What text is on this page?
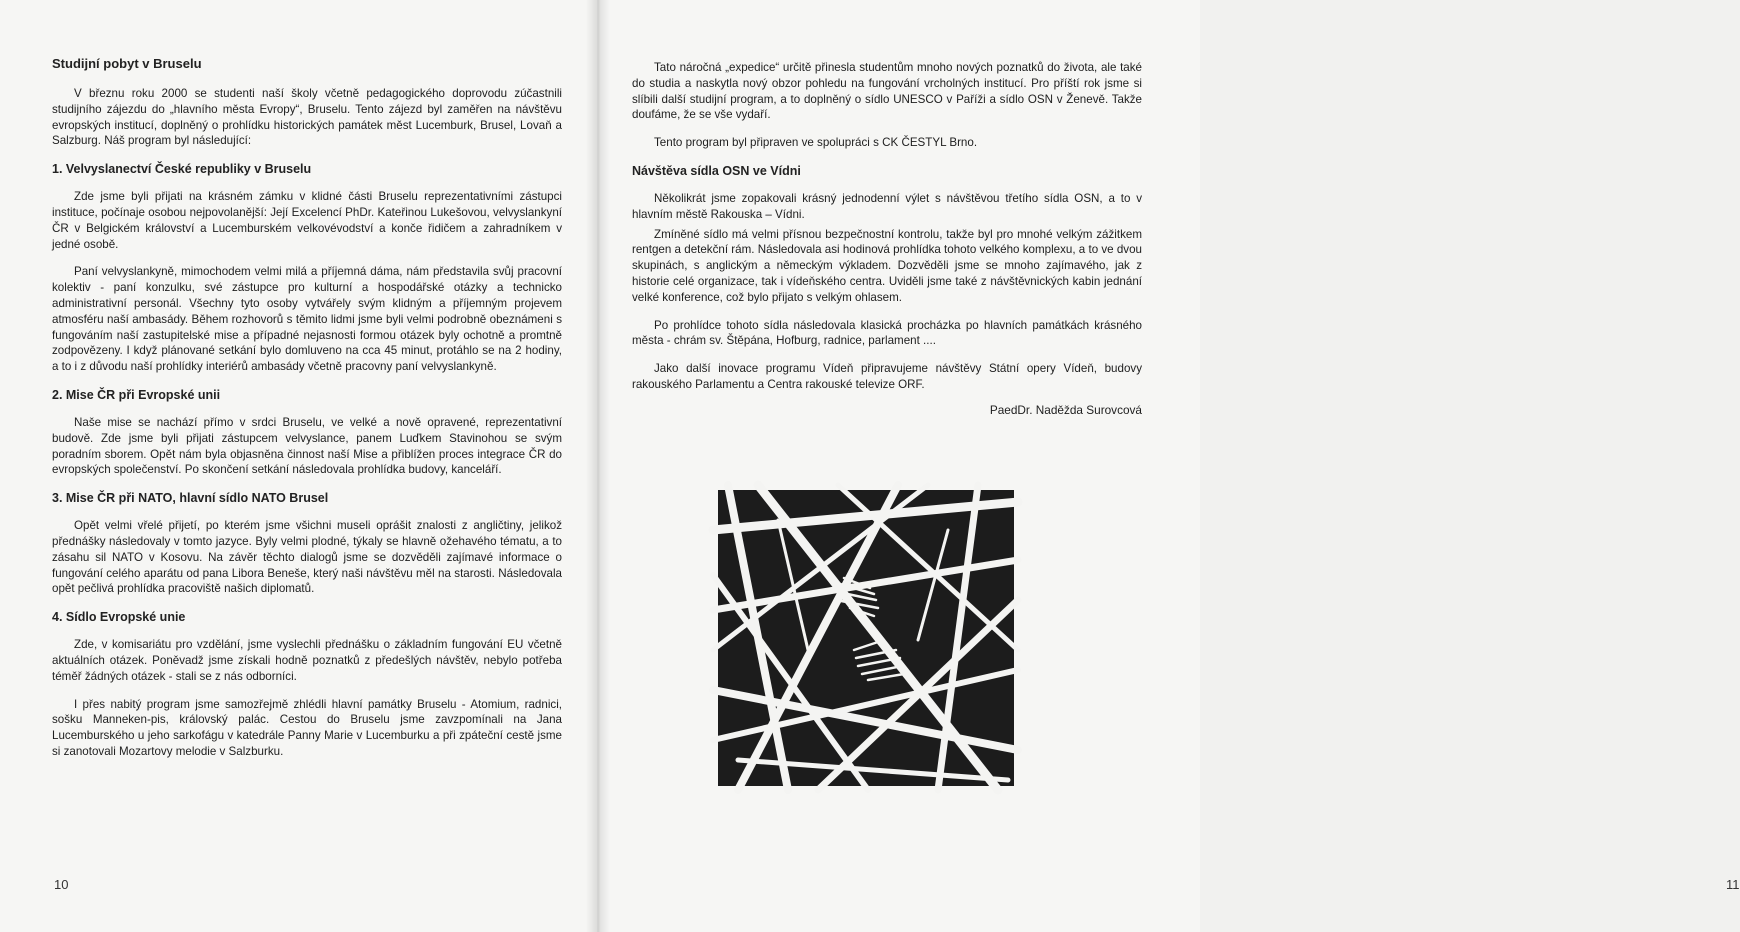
Studijní pobyt v Bruselu

V březnu roku 2000 se studenti naší školy včetně pedagogického doprovodu zúčastnili studijního zájezdu do „hlavního města Evropy“, Bruselu. Tento zájezd byl zaměřen na návštěvu evropských institucí, doplněný o prohlídku historických památek měst Lucemburk, Brusel, Lovaň a Salzburg. Náš program byl následující:

1. Velvyslanectví České republiky v Bruselu

Zde jsme byli přijati na krásném zámku v klidné části Bruselu reprezentativními zástupci instituce, počínaje osobou nejpovolanější: Její Excelencí PhDr. Kateřinou Lukešovou, velvyslankyní ČR v Belgickém království a Lucemburském velkovévodství a konče řidičem a zahradníkem v jedné osobě.

Paní velvyslankyně, mimochodem velmi milá a příjemná dáma, nám představila svůj pracovní kolektiv - paní konzulku, své zástupce pro kulturní a hospodářské otázky a technicko administrativní personál. Všechny tyto osoby vytvářely svým klidným a příjemným projevem atmosféru naší ambasády. Během rozhovorů s těmito lidmi jsme byli velmi podrobně obeznámeni s fungováním naší zastupitelské mise a případné nejasnosti formou otázek byly ochotně a promtně zodpovězeny. I když plánované setkání bylo domluveno na cca 45 minut, protáhlo se na 2 hodiny, a to i z důvodu naší prohlídky interiérů ambasády včetně pracovny paní velvyslankyně.

2. Mise ČR při Evropské unii

Naše mise se nachází přímo v srdci Bruselu, ve velké a nově opravené, reprezentativní budově. Zde jsme byli přijati zástupcem velvyslance, panem Luďkem Stavinohou se svým poradním sborem. Opět nám byla objasněna činnost naší Mise a přiblížen proces integrace ČR do evropských společenství. Po skončení setkání následovala prohlídka budovy, kanceláří.

3. Mise ČR při NATO, hlavní sídlo NATO Brusel

Opět velmi vřelé přijetí, po kterém jsme všichni museli oprášit znalosti z angličtiny, jelikož přednášky následovaly v tomto jazyce. Byly velmi plodné, týkaly se hlavně ožehavého tématu, a to zásahu sil NATO v Kosovu. Na závěr těchto dialogů jsme se dozvěděli zajímavé informace o fungování celého aparátu od pana Libora Beneše, který naši návštěvu měl na starosti. Následovala opět pečlivá prohlídka pracoviště našich diplomatů.

4. Sídlo Evropské unie

Zde, v komisariátu pro vzdělání, jsme vyslechli přednášku o základním fungování EU včetně aktuálních otázek. Poněvadž jsme získali hodně poznatků z předešlých návštěv, nebylo potřeba téměř žádných otázek - stali se z nás odborníci.

I přes nabitý program jsme samozřejmě zhlédli hlavní památky Bruselu - Atomium, radnici, sošku Manneken-pis, královský palác. Cestou do Bruselu jsme zavzpomínali na Jana Lucemburského u jeho sarkofágu v katedrále Panny Marie v Lucemburku a při zpáteční cestě jsme si zanotovali Mozartovy melodie v Salzburku.

10	11

Tato náročná „expedice“ určitě přinesla studentům mnoho nových poznatků do života, ale také do studia a naskytla nový obzor pohledu na fungování vrcholných institucí. Pro příští rok jsme si slíbili další studijní program, a to doplněný o sídlo UNESCO v Paříži a sídlo OSN v Ženevě. Takže doufáme, že se vše vydaří.

Tento program byl připraven ve spolupráci s CK ČESTYL Brno.

Návštěva sídla OSN ve Vídni

Několikrát jsme zopakovali krásný jednodenní výlet s návštěvou třetího sídla OSN, a to v hlavním městě Rakouska – Vídni.

Zmíněné sídlo má velmi přísnou bezpečnostní kontrolu, takže byl pro mnohé velkým zážitkem rentgen a detekční rám. Následovala asi hodinová prohlídka tohoto velkého komplexu, a to ve dvou skupinách, s anglickým a německým výkladem. Dozvěděli jsme se mnoho zajímavého, jak z historie celé organizace, tak i vídeňského centra. Uviděli jsme také z návštěvnických kabin jednání velké konference, což bylo přijato s velkým ohlasem.

Po prohlídce tohoto sídla následovala klasická procházka po hlavních památkách krásného města - chrám sv. Štěpána, Hofburg, radnice, parlament ....

Jako další inovace programu Vídeň připravujeme návštěvy Státní opery Vídeň, budovy rakouského Parlamentu a Centra rakouské televize ORF.

PaedDr. Naděžda Surovcová
